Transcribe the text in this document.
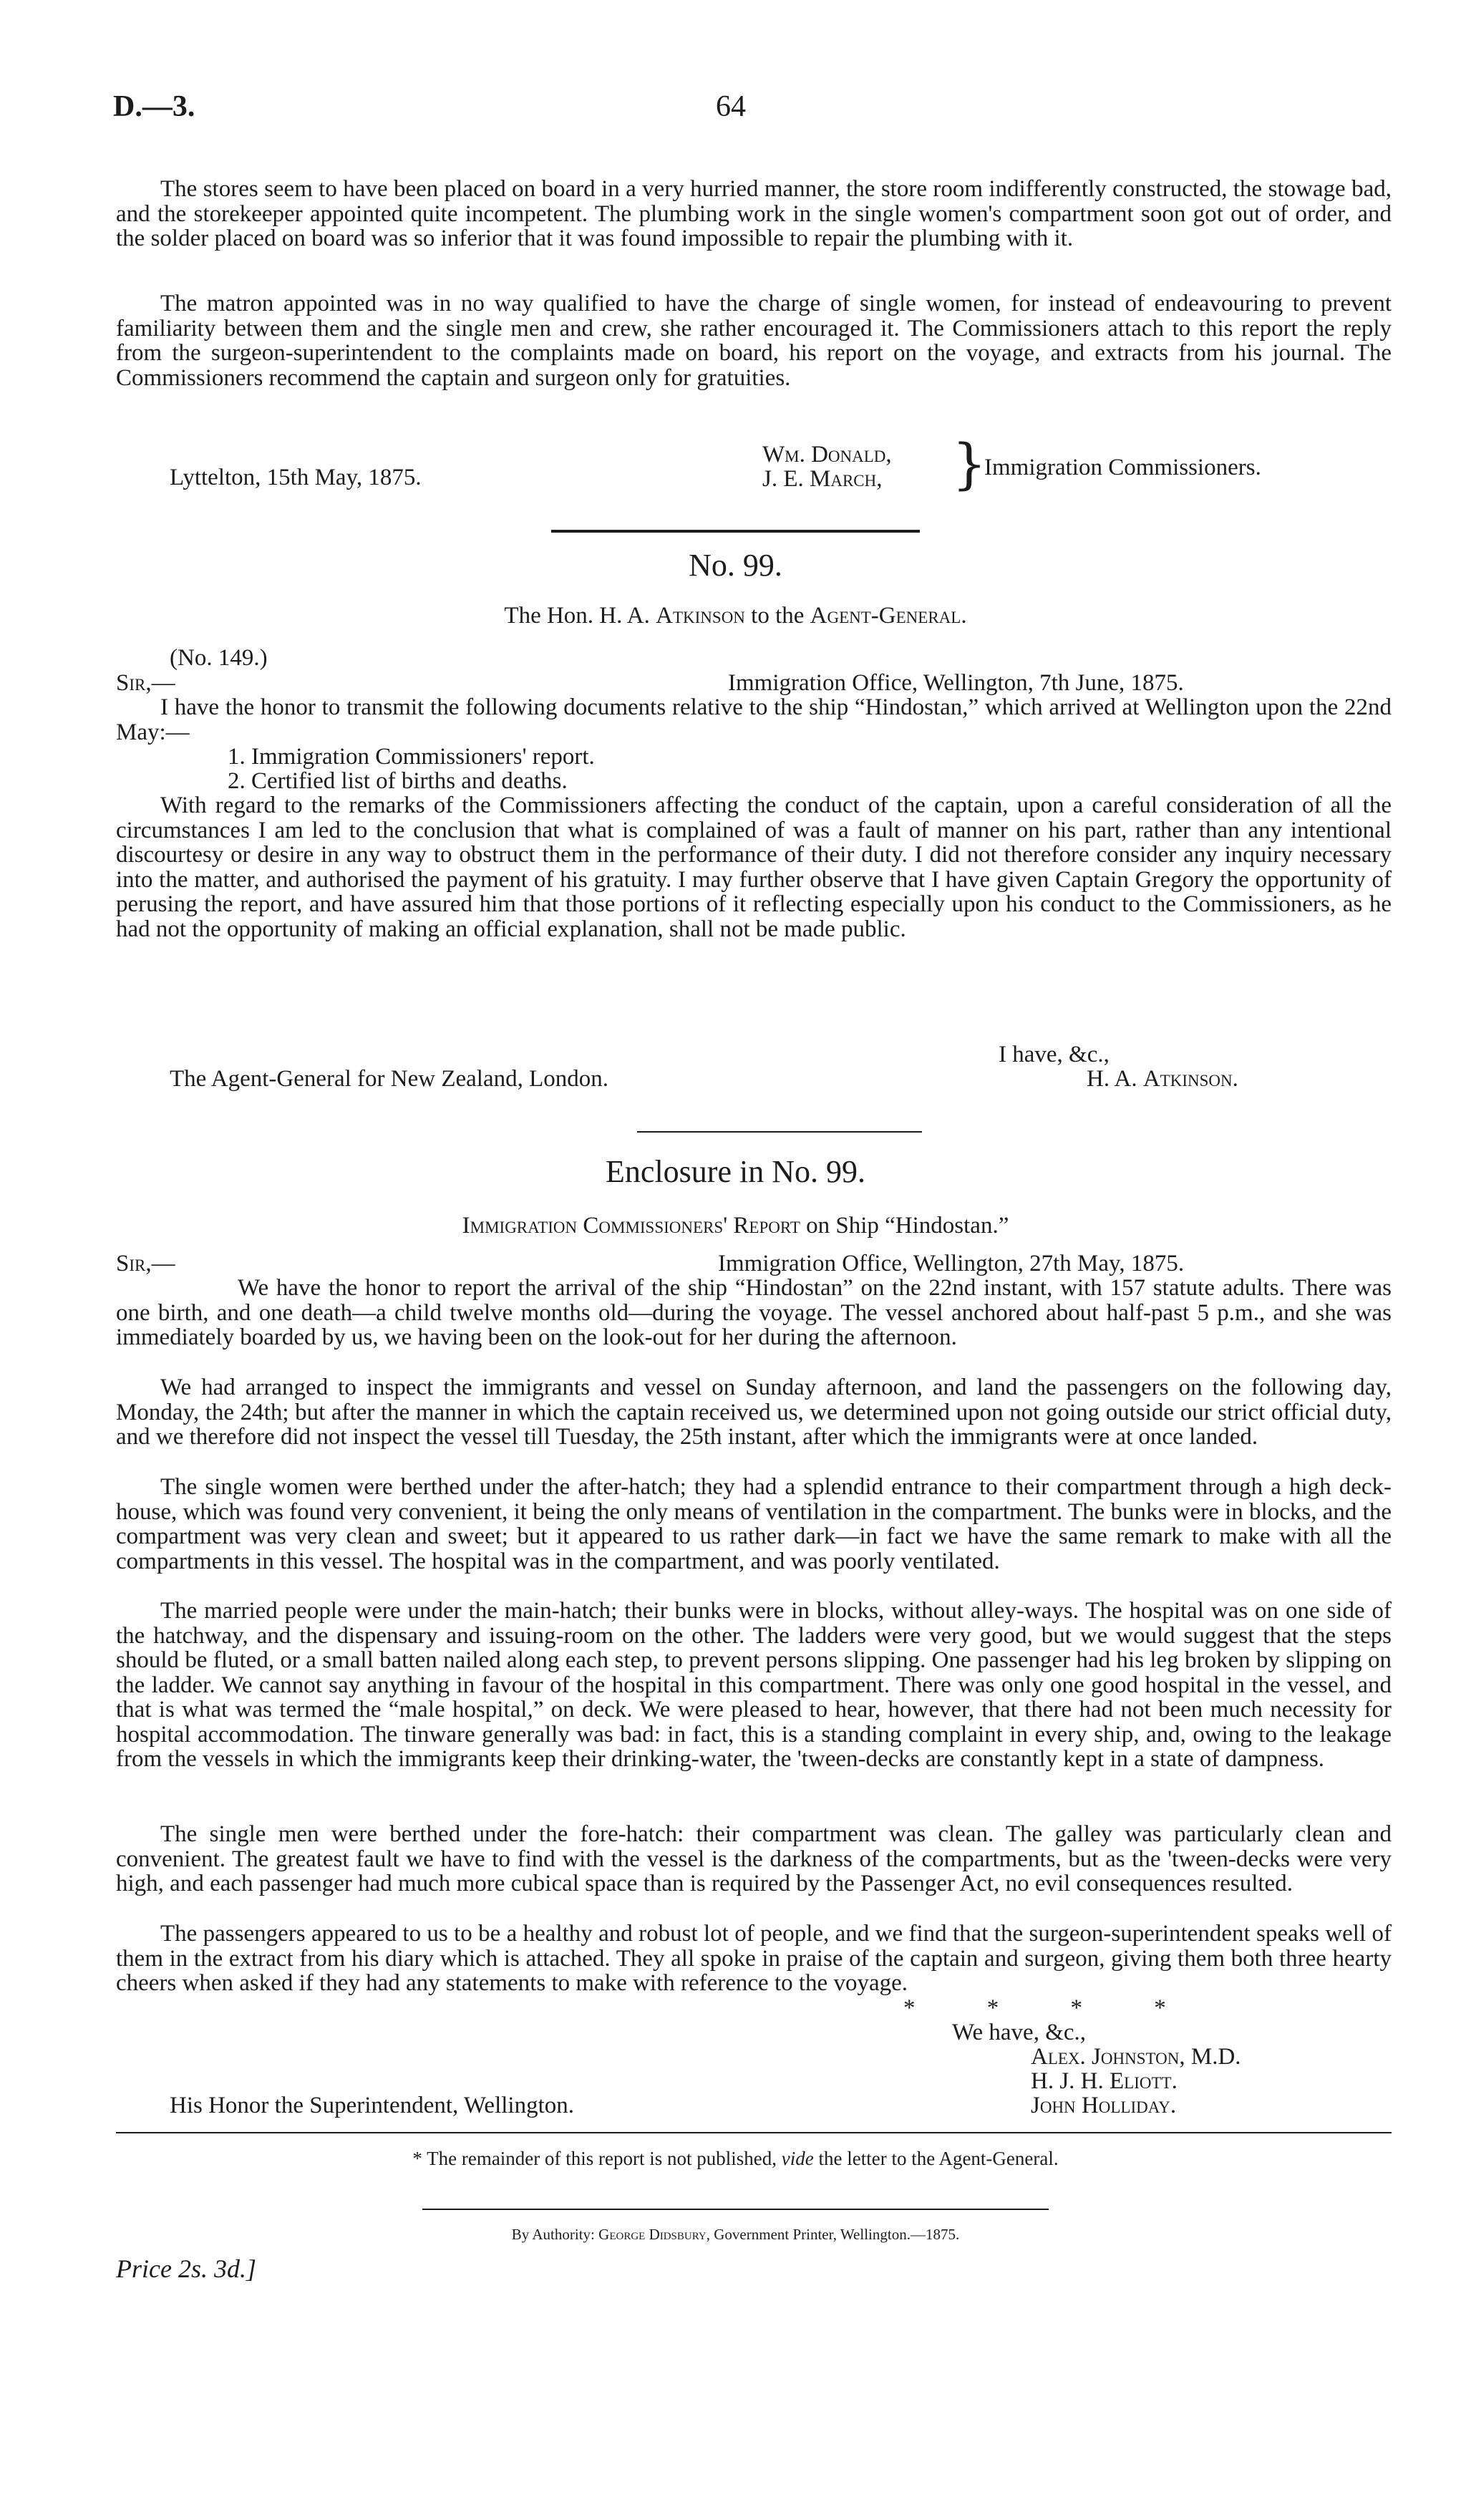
D.—3.	64

The stores seem to have been placed on board in a very hurried manner, the store room indifferently constructed, the stowage bad, and the storekeeper appointed quite incompetent. The plumbing work in the single women's compartment soon got out of order, and the solder placed on board was so inferior that it was found impossible to repair the plumbing with it.

The matron appointed was in no way qualified to have the charge of single women, for instead of endeavouring to prevent familiarity between them and the single men and crew, she rather encouraged it. The Commissioners attach to this report the reply from the surgeon-superintendent to the complaints made on board, his report on the voyage, and extracts from his journal. The Commissioners recommend the captain and surgeon only for gratuities.

Lyttelton, 15th May, 1875.
Wm. Donald,
J. E. March, }
Immigration Commissioners.
No. 99.
The Hon. H. A. Atkinson to the Agent-General.
(No. 149.)
Sir,—	Immigration Office, Wellington, 7th June, 1875.

I have the honor to transmit the following documents relative to the ship “Hindostan,” which arrived at Wellington upon the 22nd May:—

1. Immigration Commissioners' report.
2. Certified list of births and deaths.

With regard to the remarks of the Commissioners affecting the conduct of the captain, upon a careful consideration of all the circumstances I am led to the conclusion that what is complained of was a fault of manner on his part, rather than any intentional discourtesy or desire in any way to obstruct them in the performance of their duty. I did not therefore consider any inquiry necessary into the matter, and authorised the payment of his gratuity. I may further observe that I have given Captain Gregory the opportunity of perusing the report, and have assured him that those portions of it reflecting especially upon his conduct to the Commissioners, as he had not the opportunity of making an official explanation, shall not be made public.

I have, &c.,
The Agent-General for New Zealand, London.	H. A. Atkinson.
Enclosure in No. 99.
Immigration Commissioners' Report on Ship “Hindostan.”
Sir,—	Immigration Office, Wellington, 27th May, 1875.

We have the honor to report the arrival of the ship “Hindostan” on the 22nd instant, with 157 statute adults. There was one birth, and one death—a child twelve months old—during the voyage. The vessel anchored about half-past 5 p.m., and she was immediately boarded by us, we having been on the look-out for her during the afternoon.

We had arranged to inspect the immigrants and vessel on Sunday afternoon, and land the passengers on the following day, Monday, the 24th; but after the manner in which the captain received us, we determined upon not going outside our strict official duty, and we therefore did not inspect the vessel till Tuesday, the 25th instant, after which the immigrants were at once landed.

The single women were berthed under the after-hatch; they had a splendid entrance to their compartment through a high deck-house, which was found very convenient, it being the only means of ventilation in the compartment. The bunks were in blocks, and the compartment was very clean and sweet; but it appeared to us rather dark—in fact we have the same remark to make with all the compartments in this vessel. The hospital was in the compartment, and was poorly ventilated.

The married people were under the main-hatch; their bunks were in blocks, without alley-ways. The hospital was on one side of the hatchway, and the dispensary and issuing-room on the other. The ladders were very good, but we would suggest that the steps should be fluted, or a small batten nailed along each step, to prevent persons slipping. One passenger had his leg broken by slipping on the ladder. We cannot say anything in favour of the hospital in this compartment. There was only one good hospital in the vessel, and that is what was termed the “male hospital,” on deck. We were pleased to hear, however, that there had not been much necessity for hospital accommodation. The tinware generally was bad: in fact, this is a standing complaint in every ship, and, owing to the leakage from the vessels in which the immigrants keep their drinking-water, the 'tween-decks are constantly kept in a state of dampness.

The single men were berthed under the fore-hatch: their compartment was clean. The galley was particularly clean and convenient. The greatest fault we have to find with the vessel is the darkness of the compartments, but as the 'tween-decks were very high, and each passenger had much more cubical space than is required by the Passenger Act, no evil consequences resulted.

The passengers appeared to us to be a healthy and robust lot of people, and we find that the surgeon-superintendent speaks well of them in the extract from his diary which is attached. They all spoke in praise of the captain and surgeon, giving them both three hearty cheers when asked if they had any statements to make with reference to the voyage.

* * * *
We have, &c.,
Alex. Johnston, M.D.
H. J. H. Eliott.
His Honor the Superintendent, Wellington.	John Holliday.
* The remainder of this report is not published, vide the letter to the Agent-General.
By Authority: George Didsbury, Government Printer, Wellington.—1875.
Price 2s. 3d.]
